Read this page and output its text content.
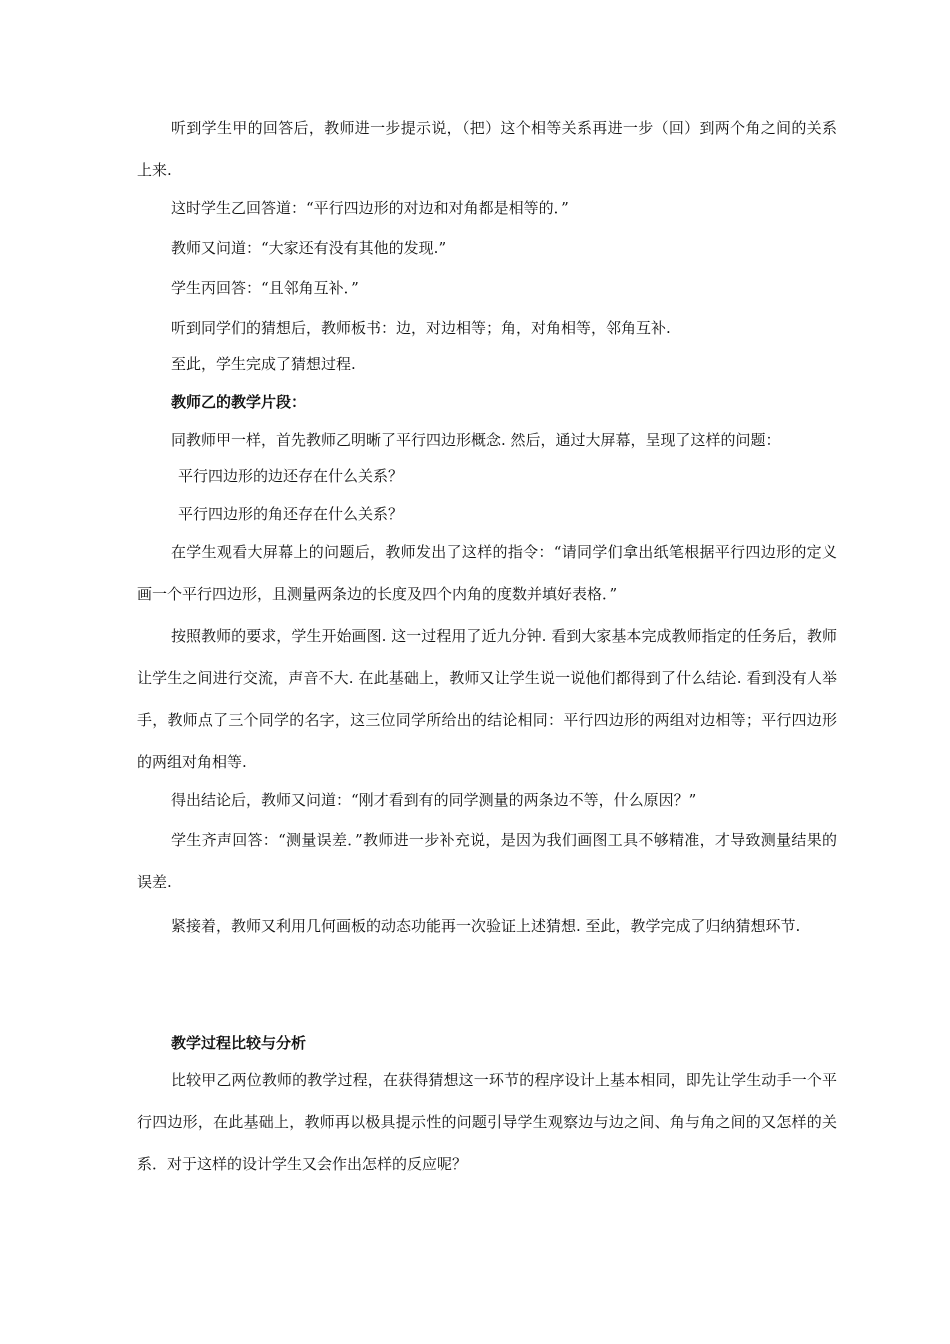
听到学生甲的回答后，教师进一步提示说，（把）这个相等关系再进一步（回）到两个角之间的关系上来.

这时学生乙回答道：“平行四边形的对边和对角都是相等的．”

教师又问道：“大家还有没有其他的发现.”

学生丙回答：“且邻角互补．”

听到同学们的猜想后，教师板书：边，对边相等；角，对角相等，邻角互补.

至此，学生完成了猜想过程.

教师乙的教学片段：

同教师甲一样，首先教师乙明晰了平行四边形概念. 然后，通过大屏幕，呈现了这样的问题：

平行四边形的边还存在什么关系？

平行四边形的角还存在什么关系？

在学生观看大屏幕上的问题后，教师发出了这样的指令：“请同学们拿出纸笔根据平行四边形的定义画一个平行四边形，且测量两条边的长度及四个内角的度数并填好表格．”

按照教师的要求，学生开始画图. 这一过程用了近九分钟. 看到大家基本完成教师指定的任务后，教师让学生之间进行交流，声音不大. 在此基础上，教师又让学生说一说他们都得到了什么结论. 看到没有人举手，教师点了三个同学的名字，这三位同学所给出的结论相同：平行四边形的两组对边相等；平行四边形的两组对角相等.

得出结论后，教师又问道：“刚才看到有的同学测量的两条边不等，什么原因？”

学生齐声回答：“测量误差．”教师进一步补充说，是因为我们画图工具不够精准，才导致测量结果的误差.

紧接着，教师又利用几何画板的动态功能再一次验证上述猜想. 至此，教学完成了归纳猜想环节.

教学过程比较与分析

比较甲乙两位教师的教学过程，在获得猜想这一环节的程序设计上基本相同，即先让学生动手一个平行四边形，在此基础上，教师再以极具提示性的问题引导学生观察边与边之间、角与角之间的又怎样的关系．对于这样的设计学生又会作出怎样的反应呢？
